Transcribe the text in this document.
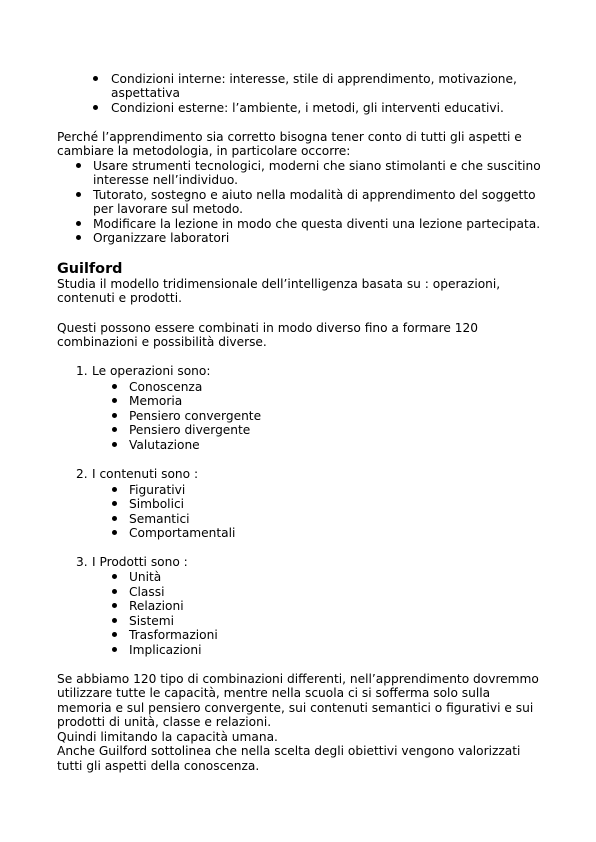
Condizioni interne: interesse, stile di apprendimento, motivazione,
aspettativa
Condizioni esterne: l’ambiente, i metodi, gli interventi educativi.
Perché l’apprendimento sia corretto bisogna tener conto di tutti gli aspetti e
cambiare la metodologia, in particolare occorre:
Usare strumenti tecnologici, moderni che siano stimolanti e che suscitino
interesse nell’individuo.
Tutorato, sostegno e aiuto nella modalità di apprendimento del soggetto
per lavorare sul metodo.
Modificare la lezione in modo che questa diventi una lezione partecipata.
Organizzare laboratori
Guilford
Studia il modello tridimensionale dell’intelligenza basata su : operazioni,
contenuti e prodotti.
Questi possono essere combinati in modo diverso fino a formare 120
combinazioni e possibilità diverse.
1. Le operazioni sono:
Conoscenza
Memoria
Pensiero convergente
Pensiero divergente
Valutazione
2. I contenuti sono :
Figurativi
Simbolici
Semantici
Comportamentali
3. I Prodotti sono :
Unità
Classi
Relazioni
Sistemi
Trasformazioni
Implicazioni
Se abbiamo 120 tipo di combinazioni differenti, nell’apprendimento dovremmo
utilizzare tutte le capacità, mentre nella scuola ci si sofferma solo sulla
memoria e sul pensiero convergente, sui contenuti semantici o figurativi e sui
prodotti di unità, classe e relazioni.
Quindi limitando la capacità umana.
Anche Guilford sottolinea che nella scelta degli obiettivi vengono valorizzati
tutti gli aspetti della conoscenza.
